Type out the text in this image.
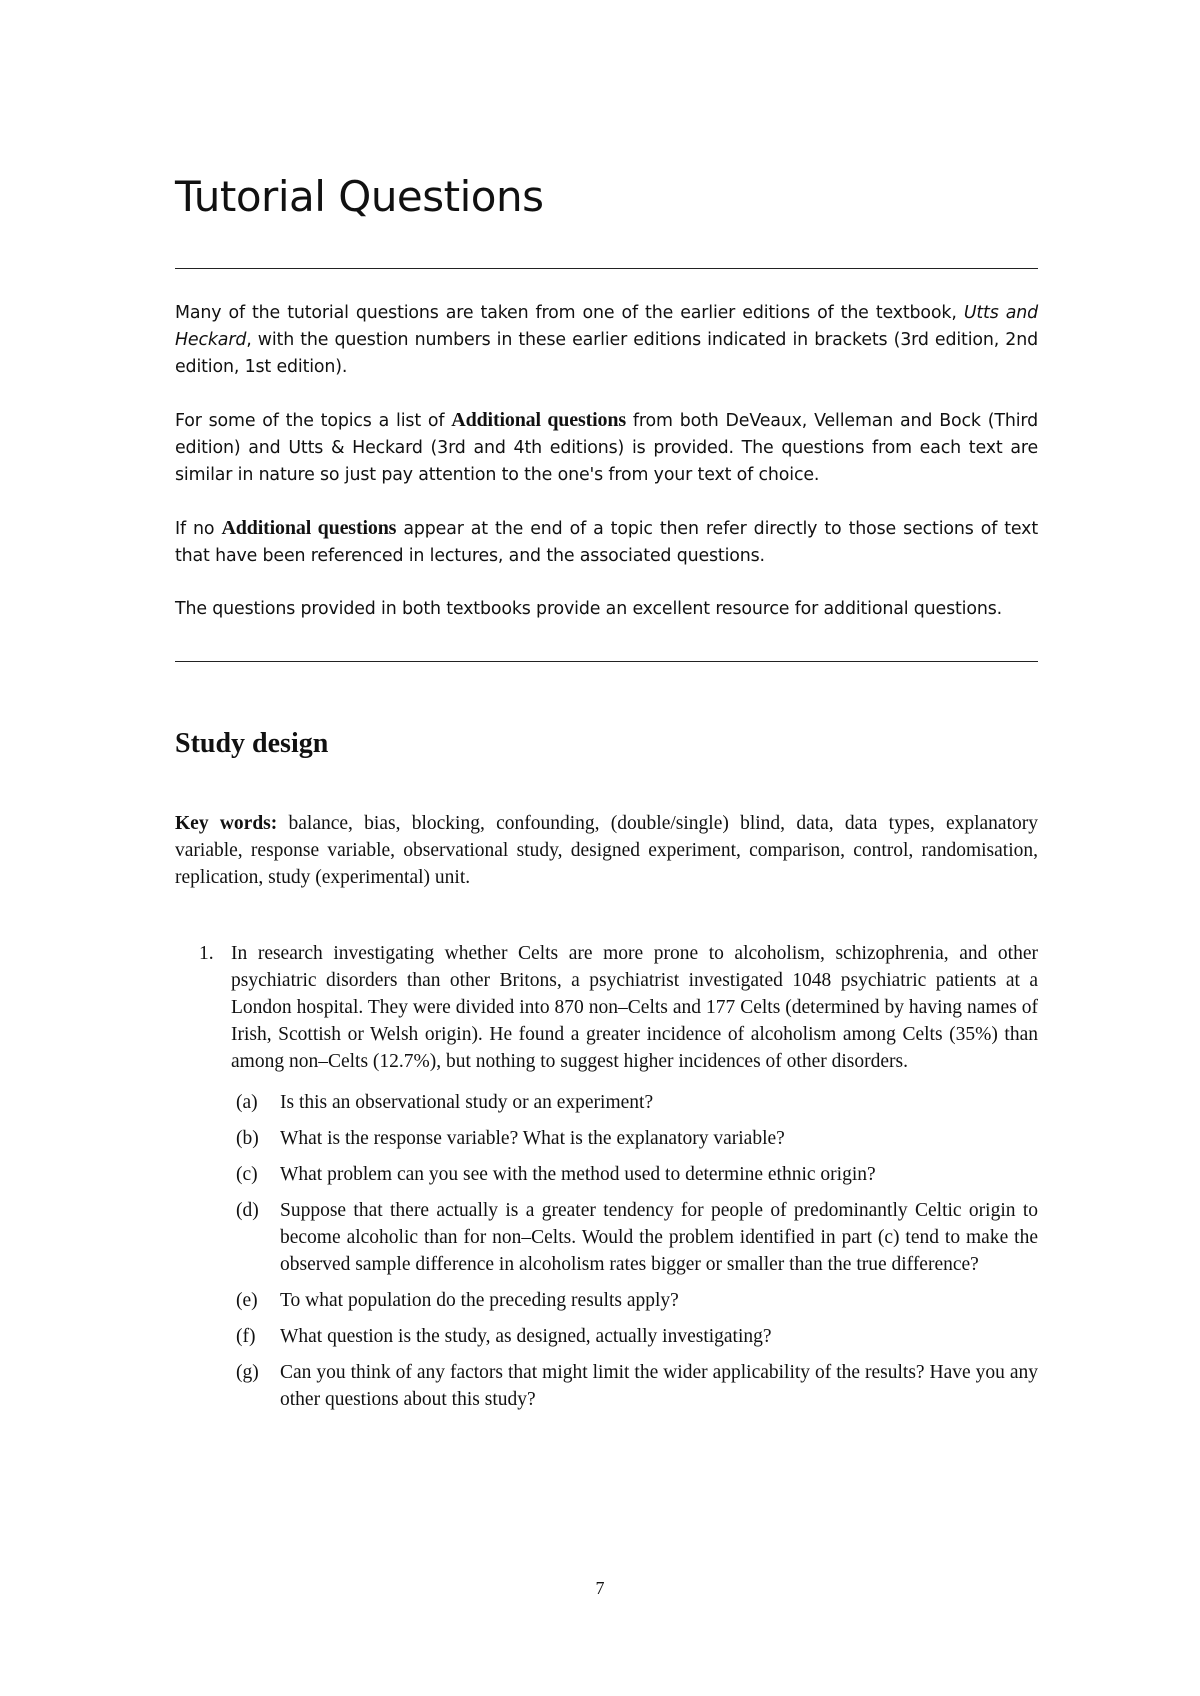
Tutorial Questions

Many of the tutorial questions are taken from one of the earlier editions of the textbook, Utts and Heckard, with the question numbers in these earlier editions indicated in brackets (3rd edition, 2nd edition, 1st edition).

For some of the topics a list of Additional questions from both DeVeaux, Velleman and Bock (Third edition) and Utts & Heckard (3rd and 4th editions) is provided. The questions from each text are similar in nature so just pay attention to the one's from your text of choice.

If no Additional questions appear at the end of a topic then refer directly to those sections of text that have been referenced in lectures, and the associated questions.

The questions provided in both textbooks provide an excellent resource for additional questions.

Study design

Key words: balance, bias, blocking, confounding, (double/single) blind, data, data types, explanatory variable, response variable, observational study, designed experiment, comparison, control, randomisation, replication, study (experimental) unit.

1. In research investigating whether Celts are more prone to alcoholism, schizophrenia, and other psychiatric disorders than other Britons, a psychiatrist investigated 1048 psychiatric patients at a London hospital. They were divided into 870 non–Celts and 177 Celts (determined by having names of Irish, Scottish or Welsh origin). He found a greater incidence of alcoholism among Celts (35%) than among non–Celts (12.7%), but nothing to suggest higher incidences of other disorders.

(a) Is this an observational study or an experiment?
(b) What is the response variable? What is the explanatory variable?
(c) What problem can you see with the method used to determine ethnic origin?
(d) Suppose that there actually is a greater tendency for people of predominantly Celtic origin to become alcoholic than for non–Celts. Would the problem identified in part (c) tend to make the observed sample difference in alcoholism rates bigger or smaller than the true difference?
(e) To what population do the preceding results apply?
(f) What question is the study, as designed, actually investigating?
(g) Can you think of any factors that might limit the wider applicability of the results? Have you any other questions about this study?
7
